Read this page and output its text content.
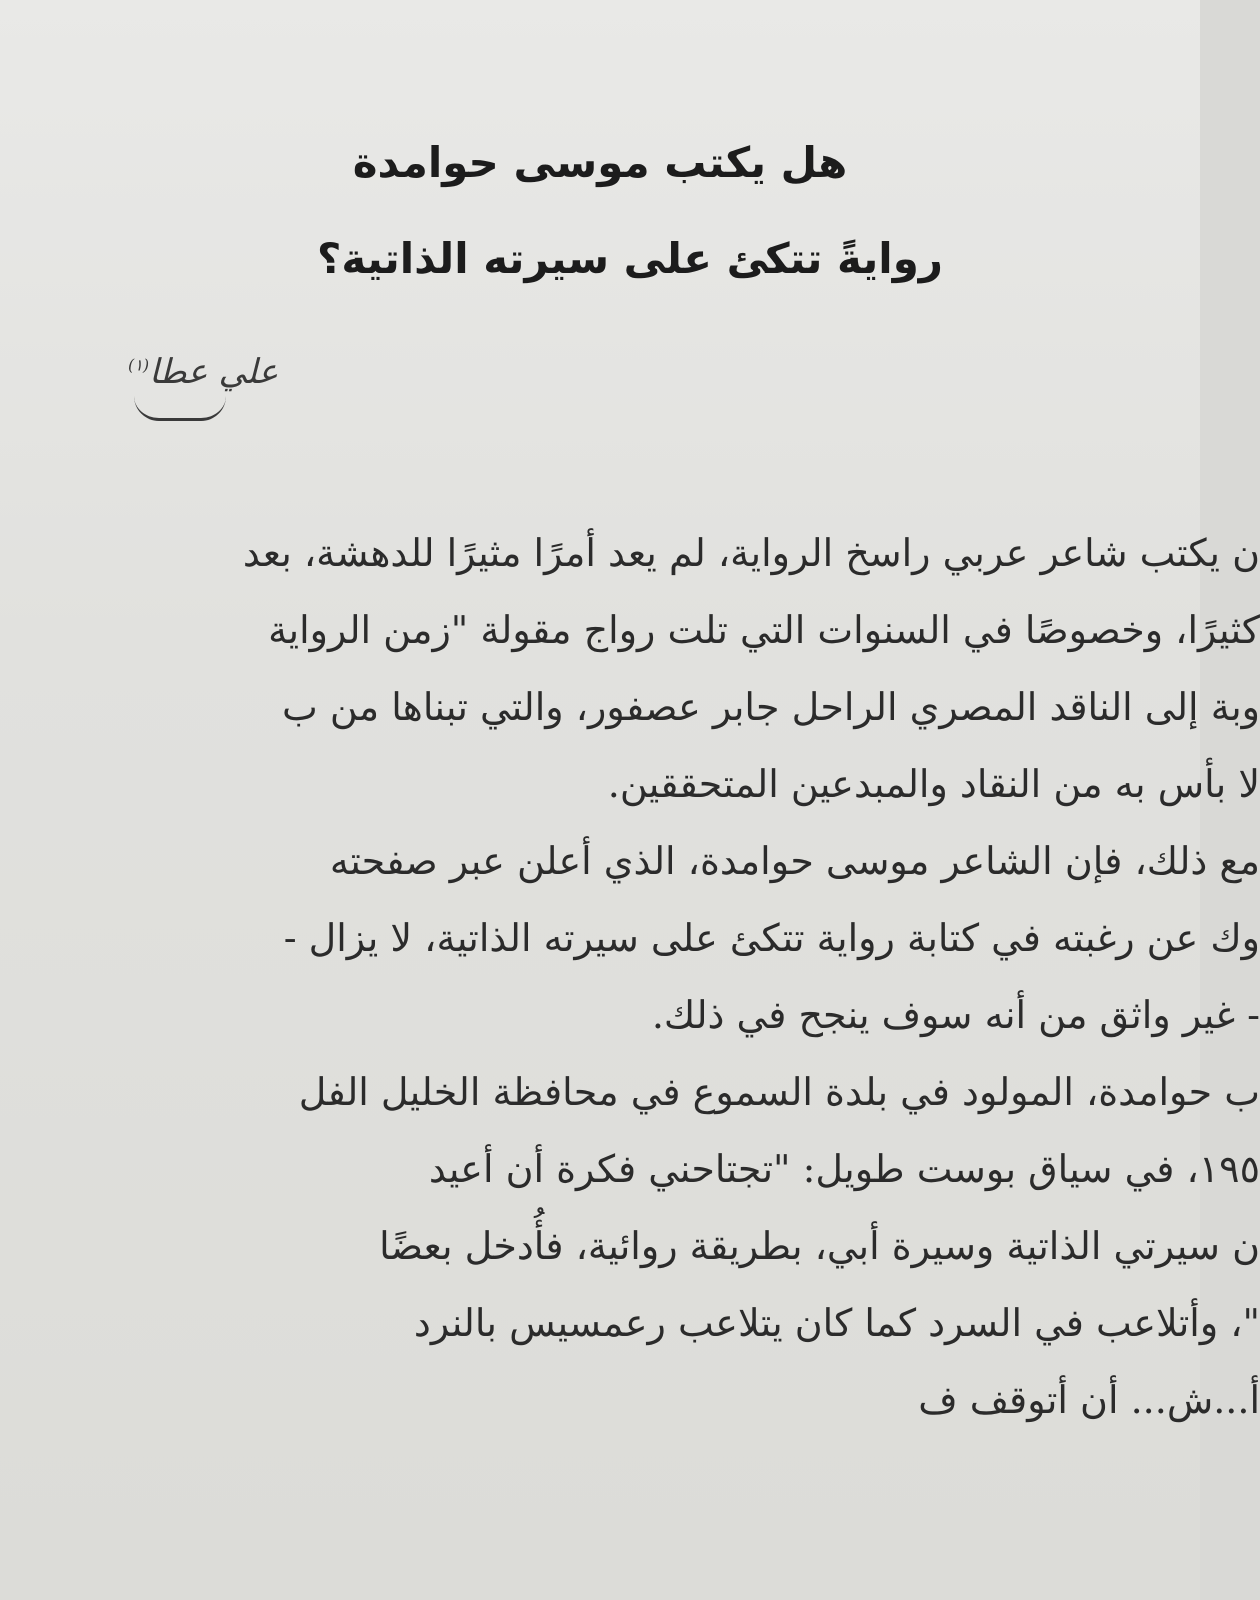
هل يكتب موسى حوامدة
روايةً تتكئ على سيرته الذاتية؟
علي عطا$^{(١)}$
ن يكتب شاعر عربي راسخ الرواية، لم يعد أمرًا مثيرًا للدهشة، بعد
كثيرًا، وخصوصًا في السنوات التي تلت رواج مقولة "زمن الرواية
وبة إلى الناقد المصري الراحل جابر عصفور، والتي تبناها من ب
لا بأس به من النقاد والمبدعين المتحققين.
مع ذلك، فإن الشاعر موسى حوامدة، الذي أعلن عبر صفحته
وك عن رغبته في كتابة رواية تتكئ على سيرته الذاتية، لا يزال -
- غير واثق من أنه سوف ينجح في ذلك.
ب حوامدة، المولود في بلدة السموع في محافظة الخليل الفل
١٩٥، في سياق بوست طويل: "تجتاحني فكرة أن أعيد
ن سيرتي الذاتية وسيرة أبي، بطريقة روائية، فأُدخل بعضًا
"، وأتلاعب في السرد كما كان يتلاعب رعمسيس بالنرد
أ...ش... أن أتوقف ف
